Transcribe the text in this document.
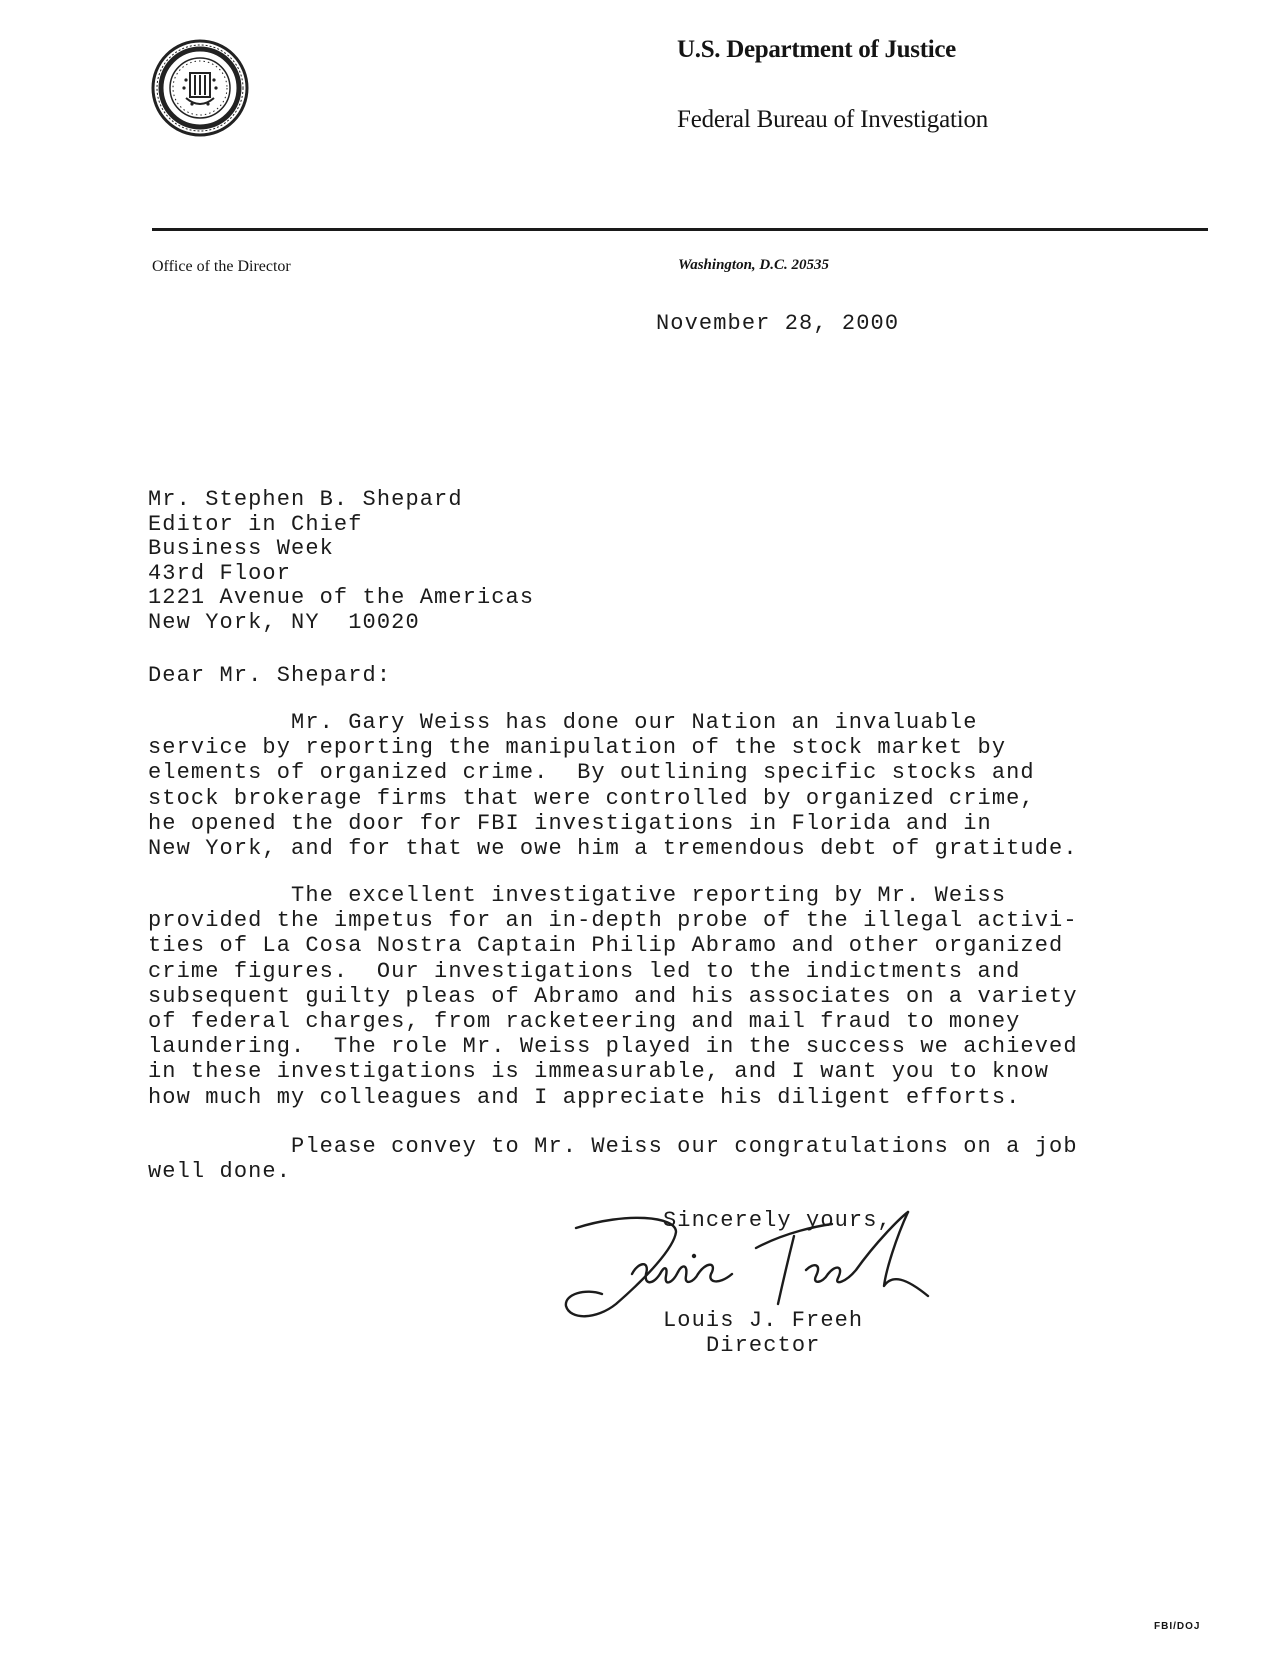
U.S. Department of Justice
Federal Bureau of Investigation
Office of the Director	Washington, D.C. 20535
November 28, 2000
Mr. Stephen B. Shepard
Editor in Chief
Business Week
43rd Floor
1221 Avenue of the Americas
New York, NY  10020
Dear Mr. Shepard:
Mr. Gary Weiss has done our Nation an invaluable
service by reporting the manipulation of the stock market by
elements of organized crime.  By outlining specific stocks and
stock brokerage firms that were controlled by organized crime,
he opened the door for FBI investigations in Florida and in
New York, and for that we owe him a tremendous debt of gratitude.
The excellent investigative reporting by Mr. Weiss
provided the impetus for an in-depth probe of the illegal activi-
ties of La Cosa Nostra Captain Philip Abramo and other organized
crime figures.  Our investigations led to the indictments and
subsequent guilty pleas of Abramo and his associates on a variety
of federal charges, from racketeering and mail fraud to money
laundering.  The role Mr. Weiss played in the success we achieved
in these investigations is immeasurable, and I want you to know
how much my colleagues and I appreciate his diligent efforts.
Please convey to Mr. Weiss our congratulations on a job
well done.
Sincerely yours,
Louis J. Freeh
Director
FBI/DOJ
